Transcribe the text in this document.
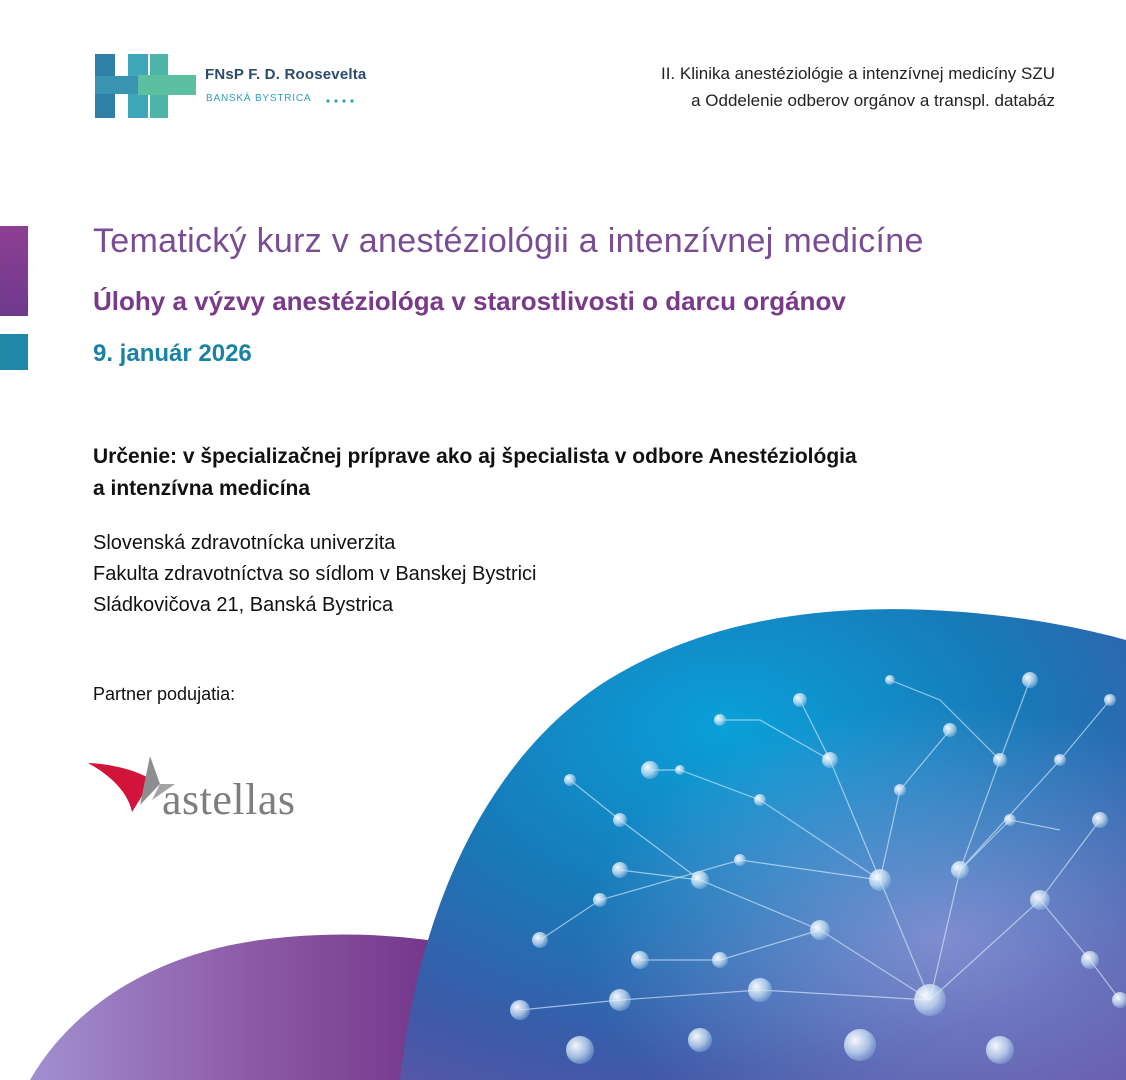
FNsP F. D. Roosevelta
BANSKÁ BYSTRICA
II. Klinika anestéziológie a intenzívnej medicíny SZU
a Oddelenie odberov orgánov a transpl. databáz
Tematický kurz v anestéziológii a intenzívnej medicíne
Úlohy a výzvy anestéziológa v starostlivosti o darcu orgánov
9. január 2026
Určenie: v špecializačnej príprave ako aj špecialista v odbore Anestéziológia
a intenzívna medicína
Slovenská zdravotnícka univerzita
Fakulta zdravotníctva so sídlom v Banskej Bystrici
Sládkovičova 21, Banská Bystrica
Partner podujatia:
astellas
